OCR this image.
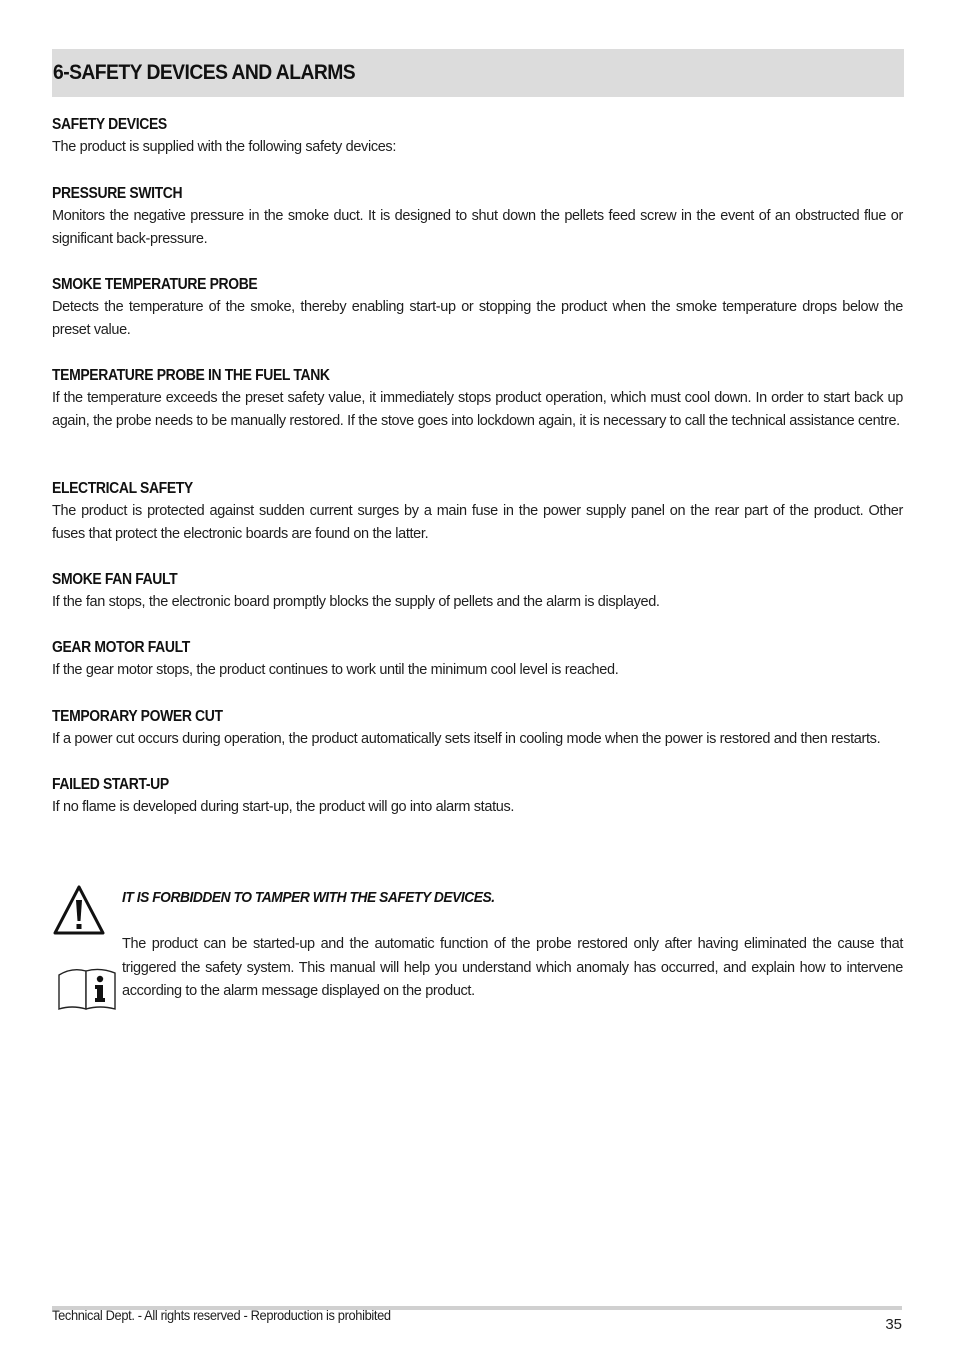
6-SAFETY DEVICES AND ALARMS
SAFETY DEVICES
The product is supplied with the following safety devices:
PRESSURE SWITCH
Monitors the negative pressure in the smoke duct. It is designed to shut down the pellets feed screw in the event of an obstructed flue or significant back-pressure.
SMOKE TEMPERATURE PROBE
Detects the temperature of the smoke, thereby enabling start-up or stopping the product when the smoke temperature drops below the preset value.
TEMPERATURE PROBE IN THE FUEL TANK
If the temperature exceeds the preset safety value, it immediately stops product operation, which must cool down. In order to start back up again, the probe needs to be manually restored. If the stove goes into lockdown again, it is necessary to call the technical assistance centre.
ELECTRICAL SAFETY
The product is protected against sudden current surges by a main fuse in the power supply panel on the rear part of the product. Other fuses that protect the electronic boards are found on the latter.
SMOKE FAN FAULT
If the fan stops, the electronic board promptly blocks the supply of pellets and the alarm is displayed.
GEAR MOTOR FAULT
If the gear motor stops, the product continues to work until the minimum cool level is reached.
TEMPORARY POWER CUT
If a power cut occurs during operation, the product automatically sets itself in cooling mode when the power is restored and then restarts.
FAILED START-UP
If no flame is developed during start-up, the product will go into alarm status.
IT IS FORBIDDEN TO TAMPER WITH THE SAFETY DEVICES.
The product can be started-up and the automatic function of the probe restored only after having eliminated the cause that triggered the safety system. This manual will help you understand which anomaly has occurred, and explain how to intervene according to the alarm message displayed on the product.
Technical Dept. - All rights reserved - Reproduction is prohibited
35
